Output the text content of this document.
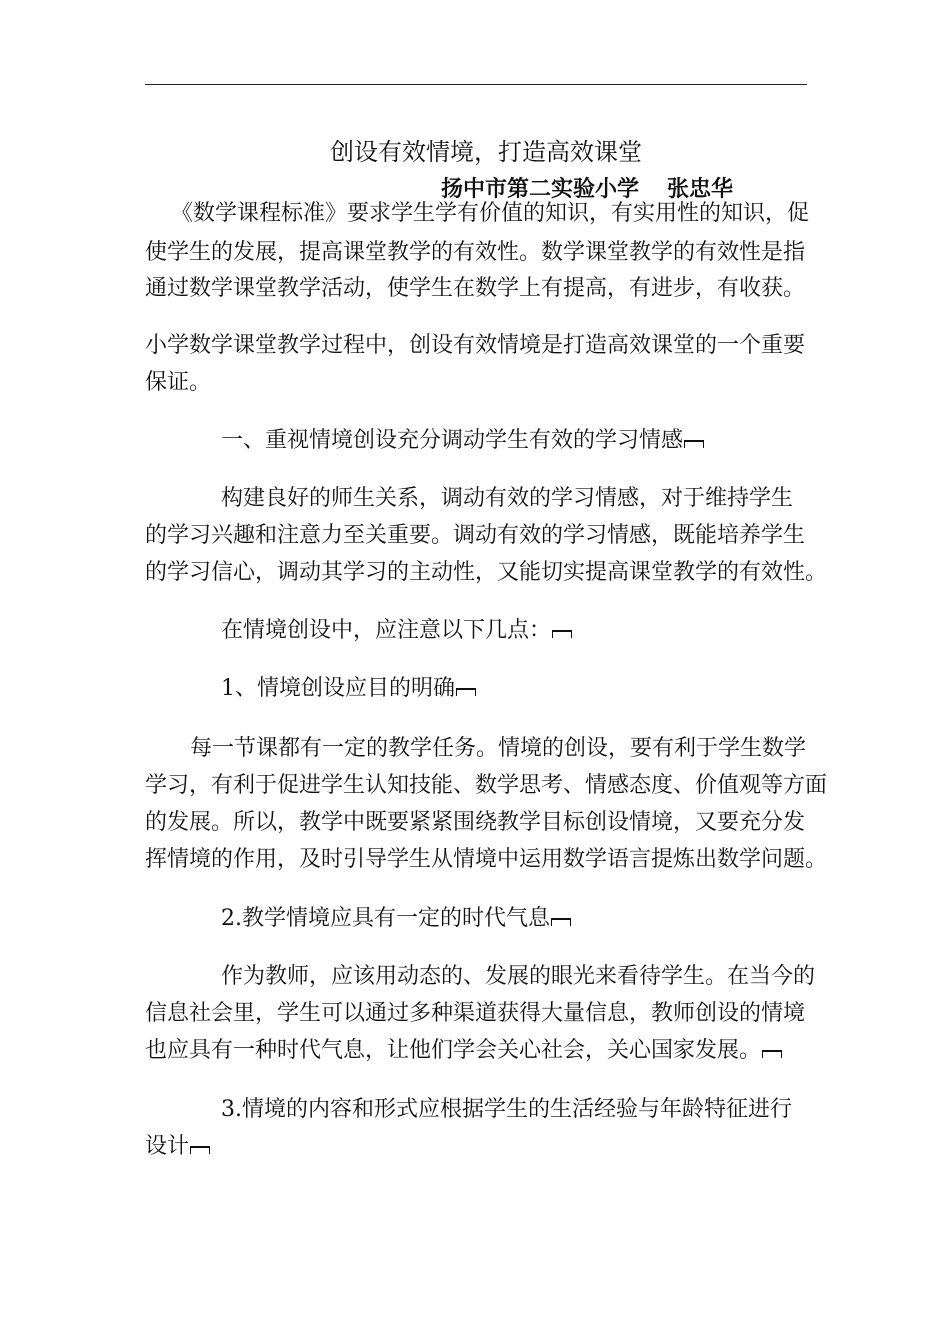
创设有效情境，打造高效课堂
扬中市第二实验小学 张忠华
《数学课程标准》要求学生学有价值的知识，有实用性的知识，促
使学生的发展，提高课堂教学的有效性。数学课堂教学的有效性是指
通过数学课堂教学活动，使学生在数学上有提高，有进步，有收获。
小学数学课堂教学过程中，创设有效情境是打造高效课堂的一个重要
保证。
一、重视情境创设充分调动学生有效的学习情感
构建良好的师生关系，调动有效的学习情感，对于维持学生
的学习兴趣和注意力至关重要。调动有效的学习情感，既能培养学生
的学习信心，调动其学习的主动性，又能切实提高课堂教学的有效性。
在情境创设中，应注意以下几点：
1、情境创设应目的明确
每一节课都有一定的教学任务。情境的创设，要有利于学生数学
学习，有利于促进学生认知技能、数学思考、情感态度、价值观等方面
的发展。所以，教学中既要紧紧围绕教学目标创设情境，又要充分发
挥情境的作用，及时引导学生从情境中运用数学语言提炼出数学问题。
2.教学情境应具有一定的时代气息
作为教师，应该用动态的、发展的眼光来看待学生。在当今的
信息社会里，学生可以通过多种渠道获得大量信息，教师创设的情境
也应具有一种时代气息，让他们学会关心社会，关心国家发展。
3.情境的内容和形式应根据学生的生活经验与年龄特征进行
设计
